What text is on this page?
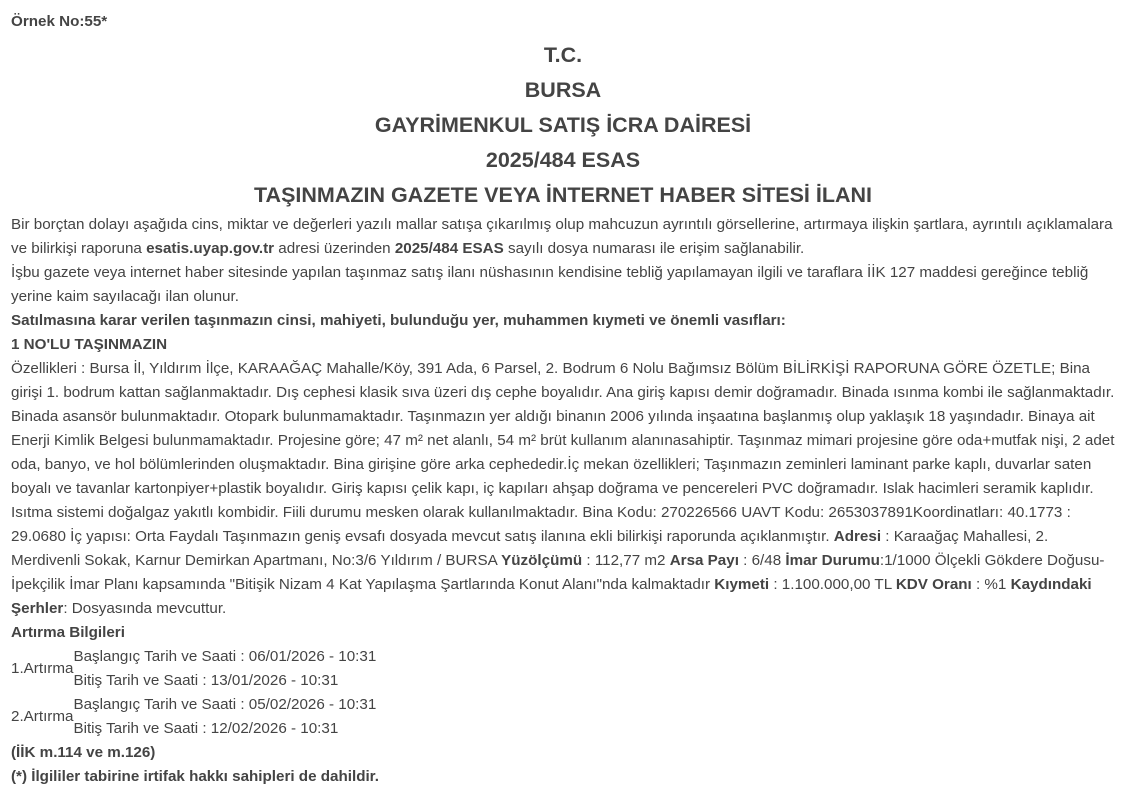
Örnek No:55*

T.C.

BURSA

GAYRİMENKUL SATIŞ İCRA DAİRESİ

2025/484 ESAS

TAŞINMAZIN GAZETE VEYA İNTERNET HABER SİTESİ İLANI

Bir borçtan dolayı aşağıda cins, miktar ve değerleri yazılı mallar satışa çıkarılmış olup mahcuzun ayrıntılı görsellerine, artırmaya ilişkin şartlara, ayrıntılı açıklamalara ve bilirkişi raporuna esatis.uyap.gov.tr adresi üzerinden 2025/484 ESAS sayılı dosya numarası ile erişim sağlanabilir.

İşbu gazete veya internet haber sitesinde yapılan taşınmaz satış ilanı nüshasının kendisine tebliğ yapılamayan ilgili ve taraflara İİK 127 maddesi gereğince tebliğ yerine kaim sayılacağı ilan olunur.

Satılmasına karar verilen taşınmazın cinsi, mahiyeti, bulunduğu yer, muhammen kıymeti ve önemli vasıfları:

1 NO'LU TAŞINMAZIN

Özellikleri : Bursa İl, Yıldırım İlçe, KARAAĞAÇ Mahalle/Köy, 391 Ada, 6 Parsel, 2. Bodrum 6 Nolu Bağımsız Bölüm BİLİRKİŞİ RAPORUNA GÖRE ÖZETLE; Bina girişi 1. bodrum kattan sağlanmaktadır. Dış cephesi klasik sıva üzeri dış cephe boyalıdır. Ana giriş kapısı demir doğramadır. Binada ısınma kombi ile sağlanmaktadır. Binada asansör bulunmaktadır. Otopark bulunmamaktadır. Taşınmazın yer aldığı binanın 2006 yılında inşaatına başlanmış olup yaklaşık 18 yaşındadır. Binaya ait Enerji Kimlik Belgesi bulunmamaktadır. Projesine göre; 47 m² net alanlı, 54 m² brüt kullanım alanınasahiptir. Taşınmaz mimari projesine göre oda+mutfak nişi, 2 adet oda, banyo, ve hol bölümlerinden oluşmaktadır. Bina girişine göre arka cephededir.İç mekan özellikleri; Taşınmazın zeminleri laminant parke kaplı, duvarlar saten boyalı ve tavanlar kartonpiyer+plastik boyalıdır. Giriş kapısı çelik kapı, iç kapıları ahşap doğrama ve pencereleri PVC doğramadır. Islak hacimleri seramik kaplıdır. Isıtma sistemi doğalgaz yakıtlı kombidir. Fiili durumu mesken olarak kullanılmaktadır. Bina Kodu: 270226566 UAVT Kodu: 2653037891Koordinatları: 40.1773 : 29.0680 İç yapısı: Orta Faydalı Taşınmazın geniş evsafı dosyada mevcut satış ilanına ekli bilirkişi raporunda açıklanmıştır. Adresi : Karaağaç Mahallesi, 2. Merdivenli Sokak, Karnur Demirkan Apartmanı, No:3/6 Yıldırım / BURSA Yüzölçümü : 112,77 m2 Arsa Payı : 6/48 İmar Durumu:1/1000 Ölçekli Gökdere Doğusu- İpekçilik İmar Planı kapsamında "Bitişik Nizam 4 Kat Yapılaşma Şartlarında Konut Alanı"nda kalmaktadır Kıymeti : 1.100.000,00 TL KDV Oranı : %1 Kaydındaki Şerhler: Dosyasında mevcuttur.

Artırma Bilgileri

1.Artırma	Başlangıç Tarih ve Saati : 06/01/2026 - 10:31
	Bitiş Tarih ve Saati : 13/01/2026 - 10:31
2.Artırma	Başlangıç Tarih ve Saati : 05/02/2026 - 10:31
	Bitiş Tarih ve Saati : 12/02/2026 - 10:31

(İİK m.114 ve m.126)

(*) İlgililer tabirine irtifak hakkı sahipleri de dahildir.
